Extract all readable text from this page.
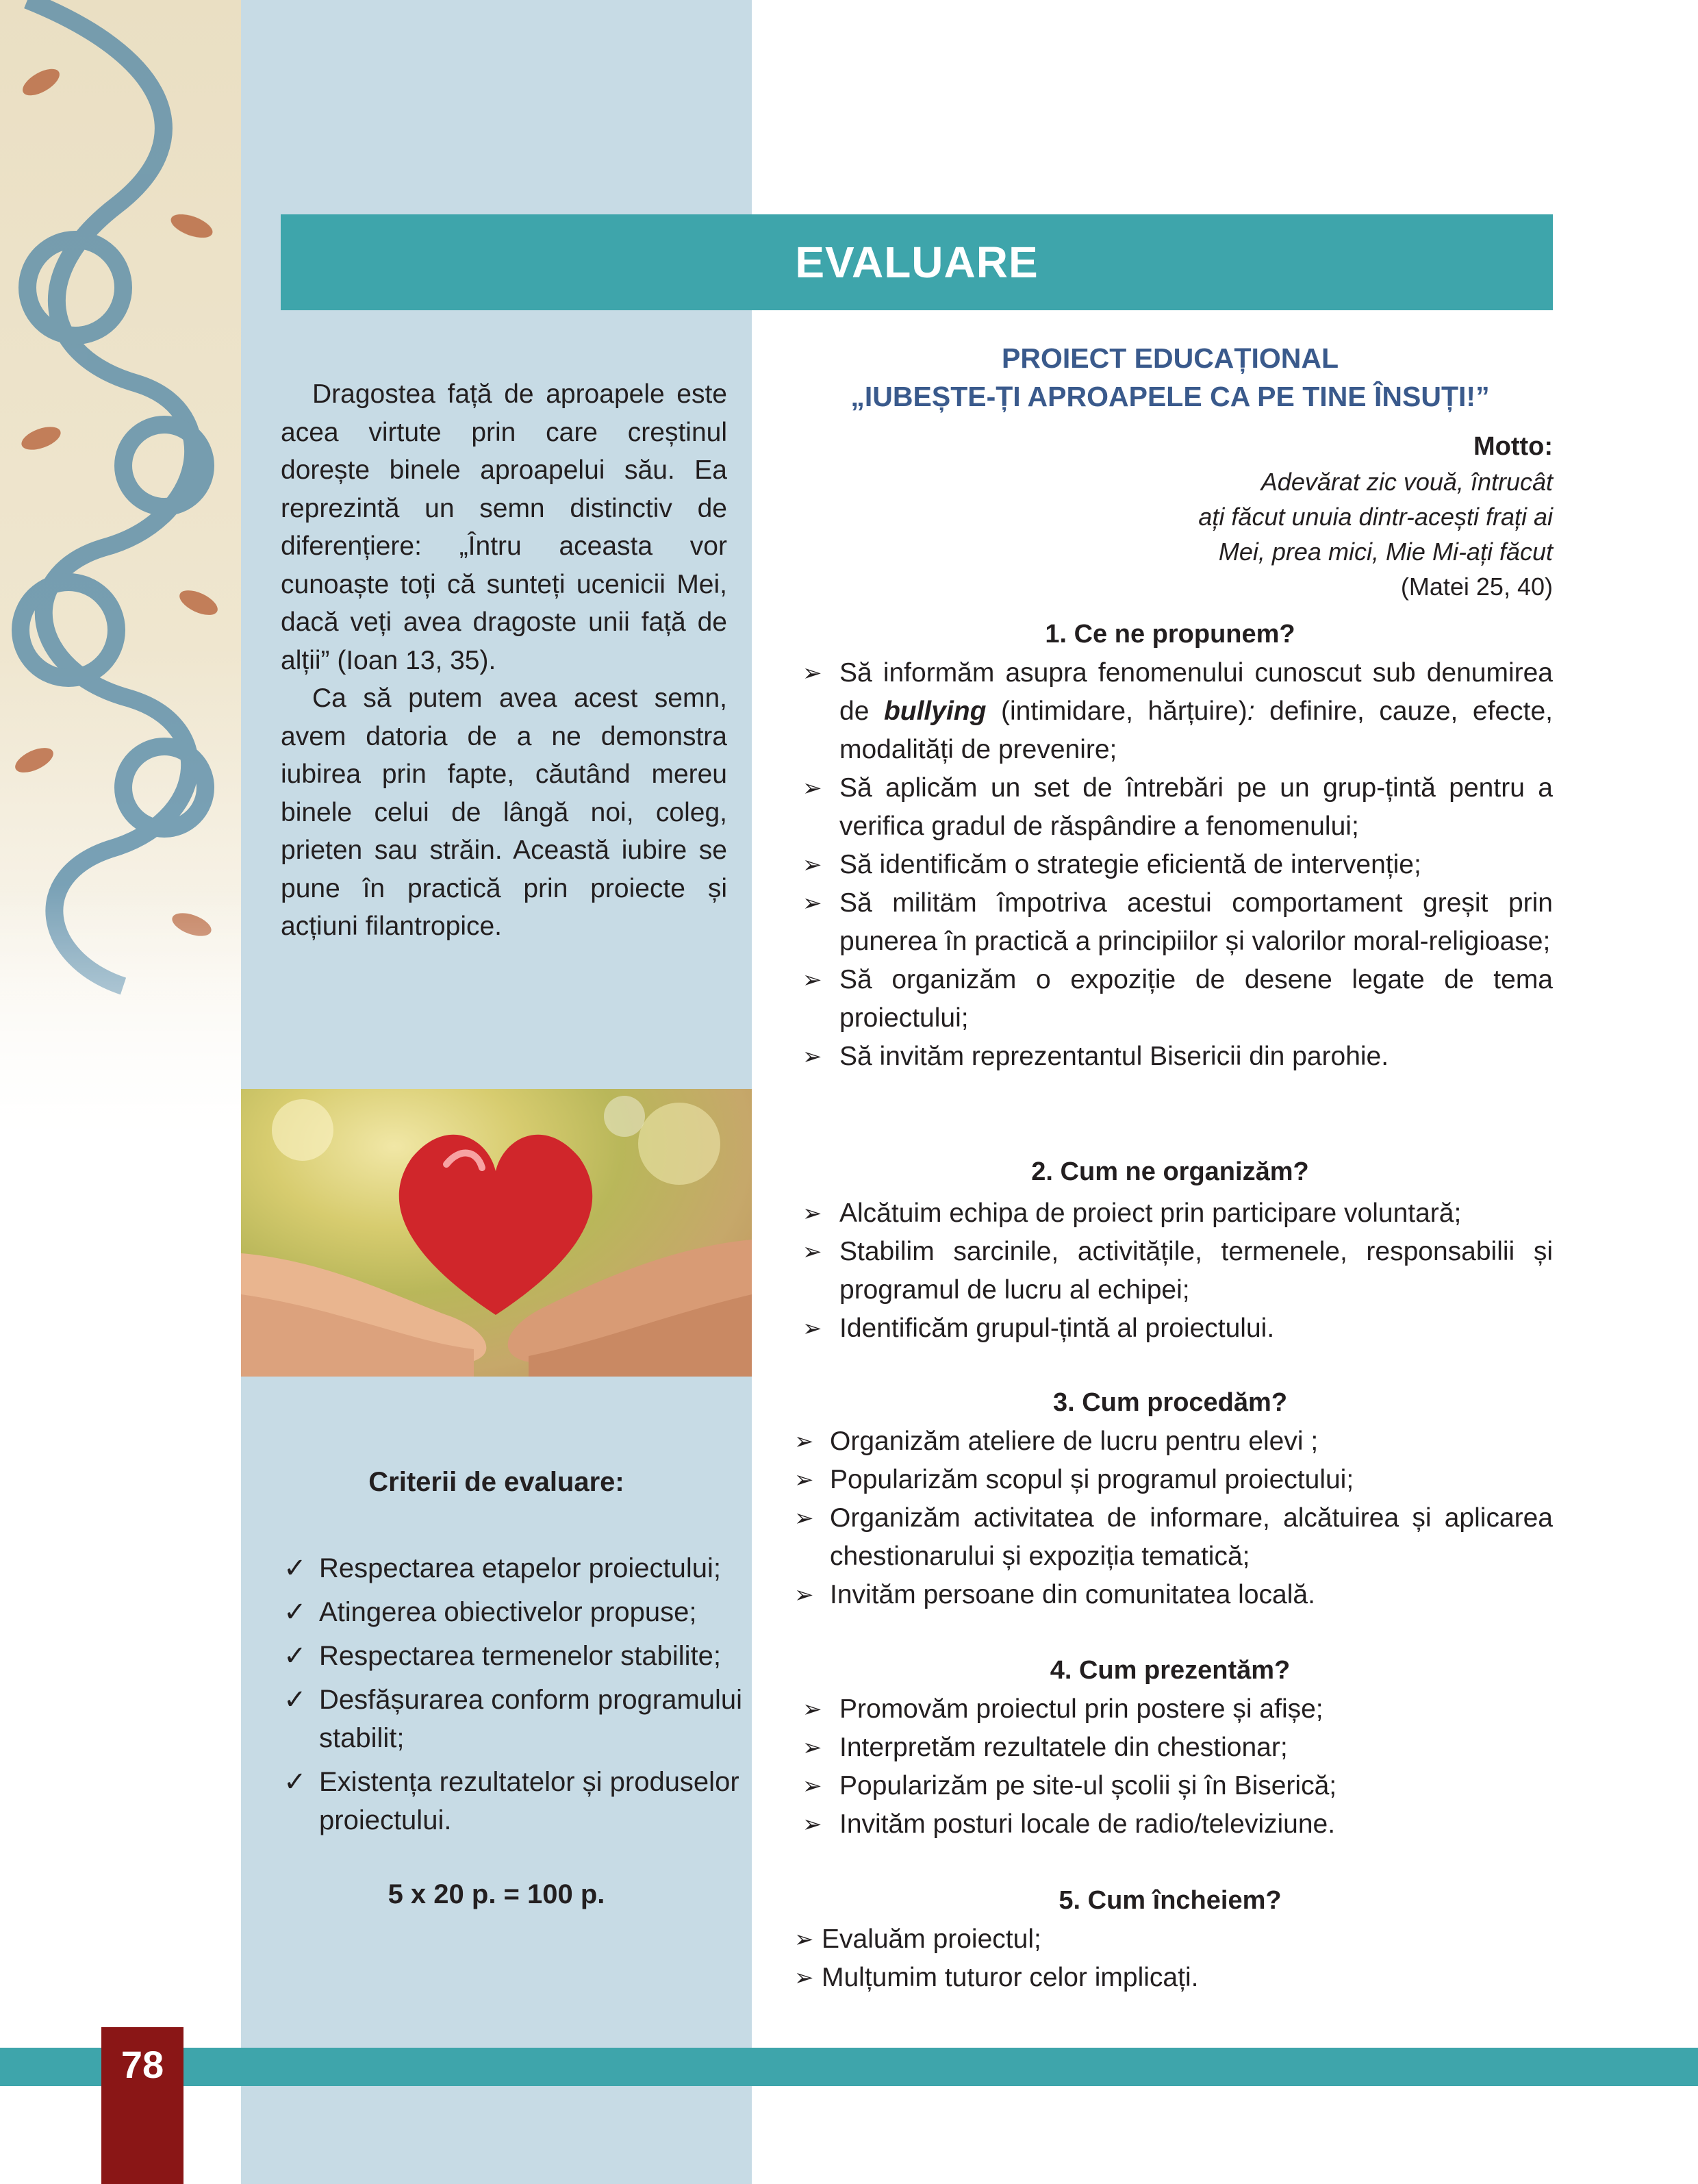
EVALUARE

Dragostea față de aproapele este acea virtute prin care creștinul dorește binele aproapelui său. Ea reprezintă un semn distinctiv de diferențiere: „Întru aceasta vor cunoaște toți că sunteți ucenicii Mei, dacă veți avea dragoste unii față de alții” (Ioan 13, 35).

Ca să putem avea acest semn, avem datoria de a ne demonstra iubirea prin fapte, căutând mereu binele celui de lângă noi, coleg, prieten sau străin. Această iubire se pune în practică prin proiecte și acțiuni filantropice.

Criterii de evaluare:
✓ Respectarea etapelor proiectului;
✓ Atingerea obiectivelor propuse;
✓ Respectarea termenelor stabilite;
✓ Desfășurarea conform programului stabilit;
✓ Existența rezultatelor și produselor proiectului.
5 x 20 p. = 100 p.
PROIECT EDUCAȚIONAL
„IUBEȘTE-ȚI APROAPELE CA PE TINE ÎNSUȚI!”
Motto:
Adevărat zic vouă, întrucât
ați făcut unuia dintr-acești frați ai
Mei, prea mici, Mie Mi-ați făcut
(Matei 25, 40)
1. Ce ne propunem?
➢ Să informăm asupra fenomenului cunoscut sub denumirea de bullying (intimidare, hărțuire): definire, cauze, efecte, modalități de prevenire;
➢ Să aplicăm un set de întrebări pe un grup-țintă pentru a verifica gradul de răspândire a fenomenului;
➢ Să identificăm o strategie eficientă de intervenție;
➢ Să militäm împotriva acestui comportament greșit prin punerea în practică a principiilor și valorilor moral-religioase;
➢ Să organizăm o expoziție de desene legate de tema proiectului;
➢ Să invităm reprezentantul Bisericii din parohie.
2. Cum ne organizăm?
➢ Alcătuim echipa de proiect prin participare voluntară;
➢ Stabilim sarcinile, activitățile, termenele, responsabilii și programul de lucru al echipei;
➢ Identificăm grupul-țintă al proiectului.
3. Cum procedăm?
➢ Organizăm ateliere de lucru pentru elevi ;
➢ Popularizăm scopul și programul proiectului;
➢ Organizăm activitatea de informare, alcătuirea și aplicarea chestionarului și expoziția tematică;
➢ Invităm persoane din comunitatea locală.
4. Cum prezentăm?
➢ Promovăm proiectul prin postere și afișe;
➢ Interpretăm rezultatele din chestionar;
➢ Popularizăm pe site-ul școlii și în Biserică;
➢ Invităm posturi locale de radio/televiziune.
5. Cum încheiem?
➢ Evaluăm proiectul;
➢ Mulțumim tuturor celor implicați.
78
